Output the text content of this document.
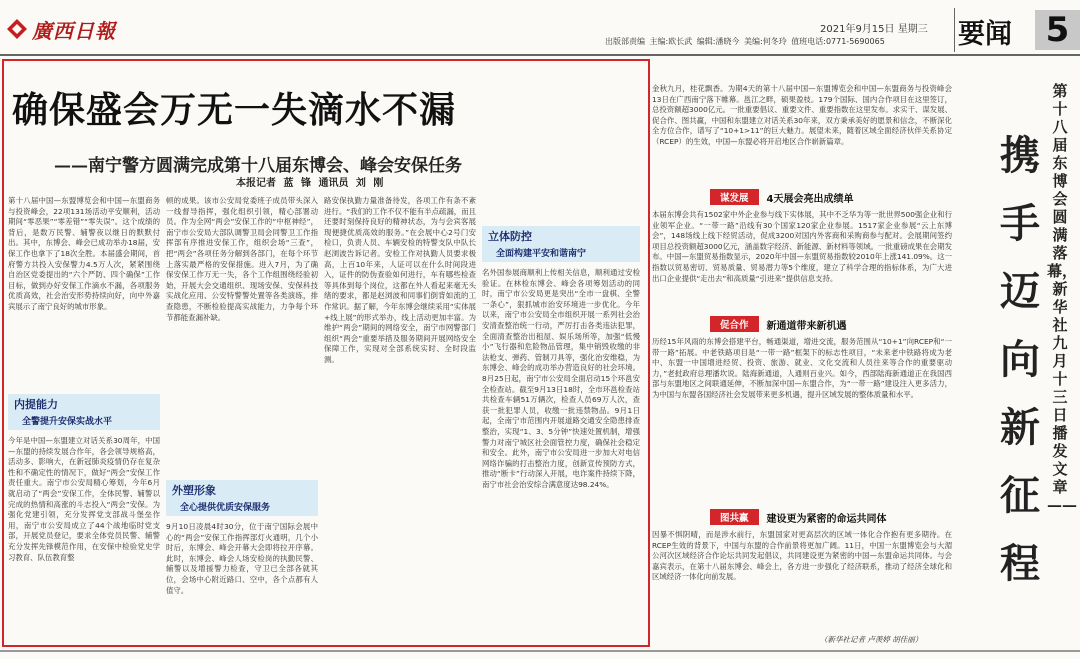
廣西日報	2021年9月15日 星期三
出版部责编 主编:欧长武 编辑:潘晓今 美编:何冬玲 值班电话:0771-5690065	要闻 5
确保盛会万无一失滴水不漏
——南宁警方圆满完成第十八届东博会、峰会安保任务
本报记者 蓝 锋 通讯员 刘 刚
第十八届中国—东盟博览会和中国—东盟商务与投资峰会，22项131场活动平安顺利，活动期间“零恶果”“零差错”“零失误”。这个成绩的背后，是数万民警、辅警夜以继日的默默付出。其中，东博会、峰会已成功举办18届，安保工作也拿下了18次全胜。本届盛会期间，首府警方共投入安保警力4.5万人次，紧紧围绕自治区党委提出的“六个严防、四个确保”工作目标，做到办好安保工作滴水不漏，各项服务优质高效，社会治安形势持续向好，向中外嘉宾展示了南宁良好的城市形象。
内提能力
全警提升安保实战水平
今年是中国—东盟建立对话关系30周年，中国—东盟的持续发展合作年，各会领导规格高，活动多、影响大，在新冠肺炎疫情仍存在复杂性和不确定性的情况下，做好“两会”安保工作责任重大。南宁市公安局精心筹划，今年6月就启动了“两会”安保工作，全体民警、辅警以完成的热情和高涨的斗志投入“两会”安保。为强化党建引领，充分发挥党支部战斗堡垒作用，南宁市公安局成立了44个战地临时党支部，开展党员登记，要求全体党员民警、辅警充分发挥先锋模范作用，在安保中检验党史学习教育、队伍教育整
顿的成果。该市公安局党委班子成员带头深入一线督导指挥，强化组织引领，精心部署动员。作为全网“两会”安保工作的“中枢神经”，南宁市公安局大部队调警卫局会同警卫工作指挥部有序推进安保工作，组织会场“三查”，把“两会”各项任务分解到各部门，在每个环节上落实最严格的安保措施。进入7月，为了确保安保工作万无一失，各个工作组围绕经验初始，开展大会交通组织、现场安保、安保科技实战化应用、公安特警警处置等各类演练，排查隐患，不断检验提高实战能力，力争每个环节都能查漏补缺。
外塑形象
全心提供优质安保服务
9月10日凌晨4时30分，位于南宁国际会展中心的“两会”安保工作指挥部灯火通明，几个小时后，东博会、峰会开幕大会即将拉开序幕。此时，东博会、峰会人场安检岗的执勤民警、辅警以及增援警力检查，守卫已全部各就其位，会场中心附近路口、空中，各个点都有人值守。
路安保执勤力量准备待发，各项工作有条不紊进行。“我们的工作不仅不能有半点疏漏，而且还要时刻保持良好的精神状态，为与会宾客展现便捷优质高效的服务。”在会展中心2号门安检口，负责人员、车辆安检的特警支队中队长赵浏波告诉记者。安检工作对执勤人员要求极高，上百10年来，人证可以在什么时间段进入，证件的防伪查验如何进行，车有哪些检查等具体到每个岗位，这都在外人看起来毫无头绪的要求，都是赵浏波和同事们倒背如流的工作常识。据了解，今年东博会继续采用“实体展+线上展”的形式举办，线上活动更加丰富。为维护“两会”期间的网络安全，南宁市网警部门组织“两会”重要举措及服务期间开展网络安全保障工作，实现对全部系统实时、全时段监测。
立体防控
全面构建平安和谐南宁
名外国参展商顺利上传相关信息，顺利通过安检验证。在林检东博会、峰会各项筹划活动的同时，南宁市公安局更是突出“全市一盘棋、全警一条心”，狠抓城市治安环境进一步优化。今年以来，南宁市公安局全市组织开展一系列社会治安清查整治统一行动，严厉打击各类违法犯罪，全面清查整治出租屋、娱乐场所等，加强“低慢小”飞行器和危险物品管理，集中销毁收缴的非法枪支、弹药、管制刀具等，强化治安维稳，为东博会、峰会的成功举办营造良好的社会环境。8月25日起，南宁市公安局全面启动15个环邕安全检查站。截至9月13日18时，全市环邕检查站共检查车辆51万辆次，检查人员69万人次，查获一批犯罪人员，收缴一批违禁物品。9月1日起，全南宁市范围内开展道路交通安全隐患排查整治，实现“1、3、5分钟”快速处置机制，增强警力对南宁城区社会面管控力度，确保社会稳定和安全。此外，南宁市公安局进一步加大对电信网络诈骗的打击整治力度，创新宣传预防方式，推动“断卡”行动深入开展，电诈案件持续下降，南宁市社会治安综合满意度达98.24%。
金秋九月，桂花飘香。为期4天的第十八届中国—东盟博览会和中国—东盟商务与投资峰会13日在广西南宁落下帷幕。邕江之畔，硕果盈枝。179个国际、国内合作项目在这里签订，总投资额超3000亿元。一批重要倡议、重要文件、重要指数在这里发布。求实干、谋发展、促合作、图共赢，中国和东盟建立对话关系30年来，双方秉承美好的愿景和信念，不断深化全方位合作，谱写了“10+1>11”的巨大魅力。展望未来，随着区域全面经济伙伴关系协定（RCEP）的生效，中国—东盟必将开启地区合作崭新篇章。
谋发展	4天展会亮出成绩单
本届东博会共有1502家中外企业参与线下实体展，其中不乏华为等一批世界500强企业和行业领军企业。“一带一路”沿线有30个国家120家企业参展。1517家企业参展“云上东博会”，148场线上线下经贸活动，促成3200对国内外客商和采购商参与配对。会展期间签约项目总投资额超3000亿元，涵盖数字经济、新能源、新材料等领域。一批重磅成果在会期发布。中国—东盟贸易指数显示，2020年中国—东盟贸易指数较2010年上涨141.09%。这一指数以贸易密切、贸易质量、贸易潜力等5个维度，建立了科学合理的指标体系，为广大进出口企业提供“走出去”和高质量“引进来”提供信息支持。
促合作	新通道带来新机遇
历经15年风雨的东博会搭建平台，畅通渠道，增进交流，服务范围从“10+1”向RCEP和“一带一路”拓展。中老铁路项目是“一带一路”框架下的标志性项目，“未来老中铁路将成为老中、东盟一中国增进经贸、投资、旅游、就业、文化交流和人员往来等合作的重要驱动力，”老挝政府总理潘坎说。陆海新通道，人通则百业兴。如今，西部陆海新通道正在我国西部与东盟地区之间联通延伸，不断加深中国—东盟合作，为“一带一路”建设注入更多活力，为中国与东盟各国经济社会发展带来更多机遇，提升区域发展的整体质量和水平。
图共赢	建设更为紧密的命运共同体
因暴不惧阴晴，而是涉水前行，东盟国家对更高层次的区域一体化合作抱有更多期待。在RCEP生效的背景下，中国与东盟的合作前景将更加广阔。11日，中国一东盟博览会与大湄公河次区域经济合作论坛共同发起倡议，共同建设更为紧密的中国—东盟命运共同体。与会嘉宾表示，在第十八届东博会、峰会上，各方进一步强化了经济联系，推动了经济全球化和区域经济一体化向前发展。
（新华社记者 卢羡婷 胡佳丽）
第十八届东博会圆满落幕，新华社九月十三日播发文章——
携手迈向新征程
